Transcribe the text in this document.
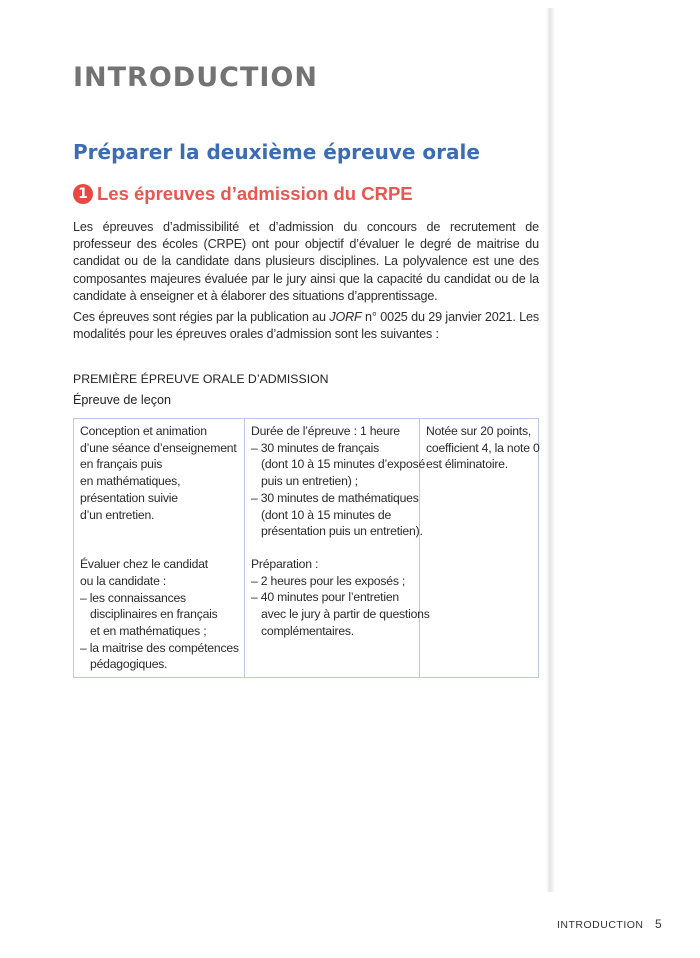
INTRODUCTION
Préparer la deuxième épreuve orale
1 Les épreuves d’admission du CRPE

Les épreuves d’admissibilité et d’admission du concours de recrutement de professeur des écoles (CRPE) ont pour objectif d’évaluer le degré de maitrise du candidat ou de la candidate dans plusieurs disciplines. La polyvalence est une des composantes majeures évaluée par le jury ainsi que la capacité du candidat ou de la candidate à enseigner et à élaborer des situations d’apprentissage.

Ces épreuves sont régies par la publication au JORF n° 0025 du 29 janvier 2021. Les modalités pour les épreuves orales d’admission sont les suivantes :

PREMIÈRE ÉPREUVE ORALE D’ADMISSION

Épreuve de leçon

Conception et animation
d’une séance d’enseignement
en français puis
en mathématiques,
présentation suivie
d’un entretien.
Évaluer chez le candidat
ou la candidate :
– les connaissances
disciplinaires en français
et en mathématiques ;
– la maitrise des compétences
pédagogiques.
Durée de l’épreuve : 1 heure
– 30 minutes de français
(dont 10 à 15 minutes d’exposé
puis un entretien) ;
– 30 minutes de mathématiques
(dont 10 à 15 minutes de
présentation puis un entretien).
Préparation :
– 2 heures pour les exposés ;
– 40 minutes pour l’entretien
avec le jury à partir de questions
complémentaires.
Notée sur 20 points,
coefficient 4, la note 0
est éliminatoire.
INTRODUCTION 5
